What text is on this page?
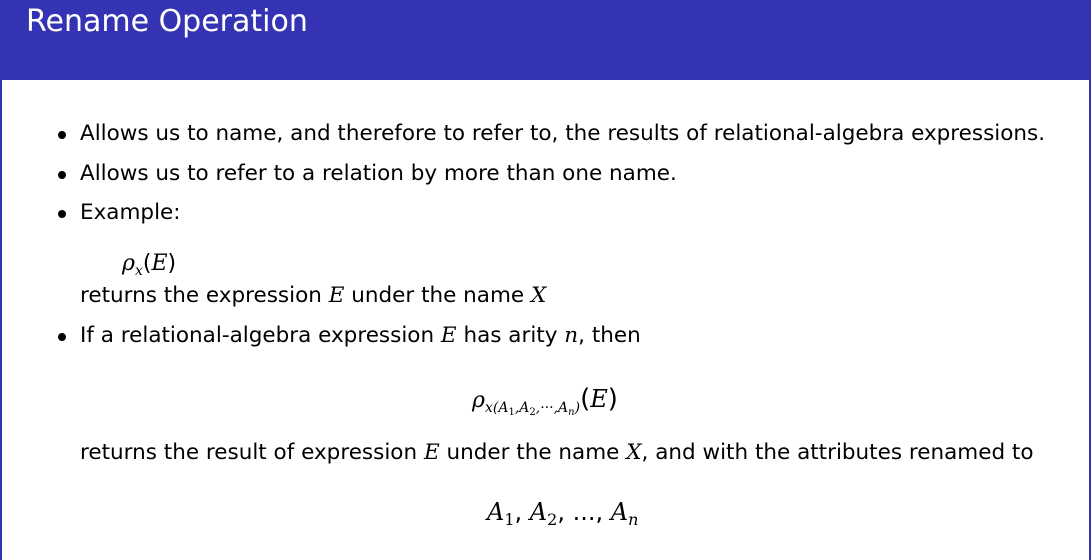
Rename Operation
Allows us to name, and therefore to refer to, the results of relational-algebra expressions.
Allows us to refer to a relation by more than one name.
Example:
$\rho_x(E)$
returns the expression E under the name X
If a relational-algebra expression E has arity n, then
$\rho_{x(A_1,A_2,\cdot\cdot\cdot,A_n)}(E)$
returns the result of expression E under the name X, and with the attributes renamed to
$A_1$, $A_2$, ..., $A_n$
